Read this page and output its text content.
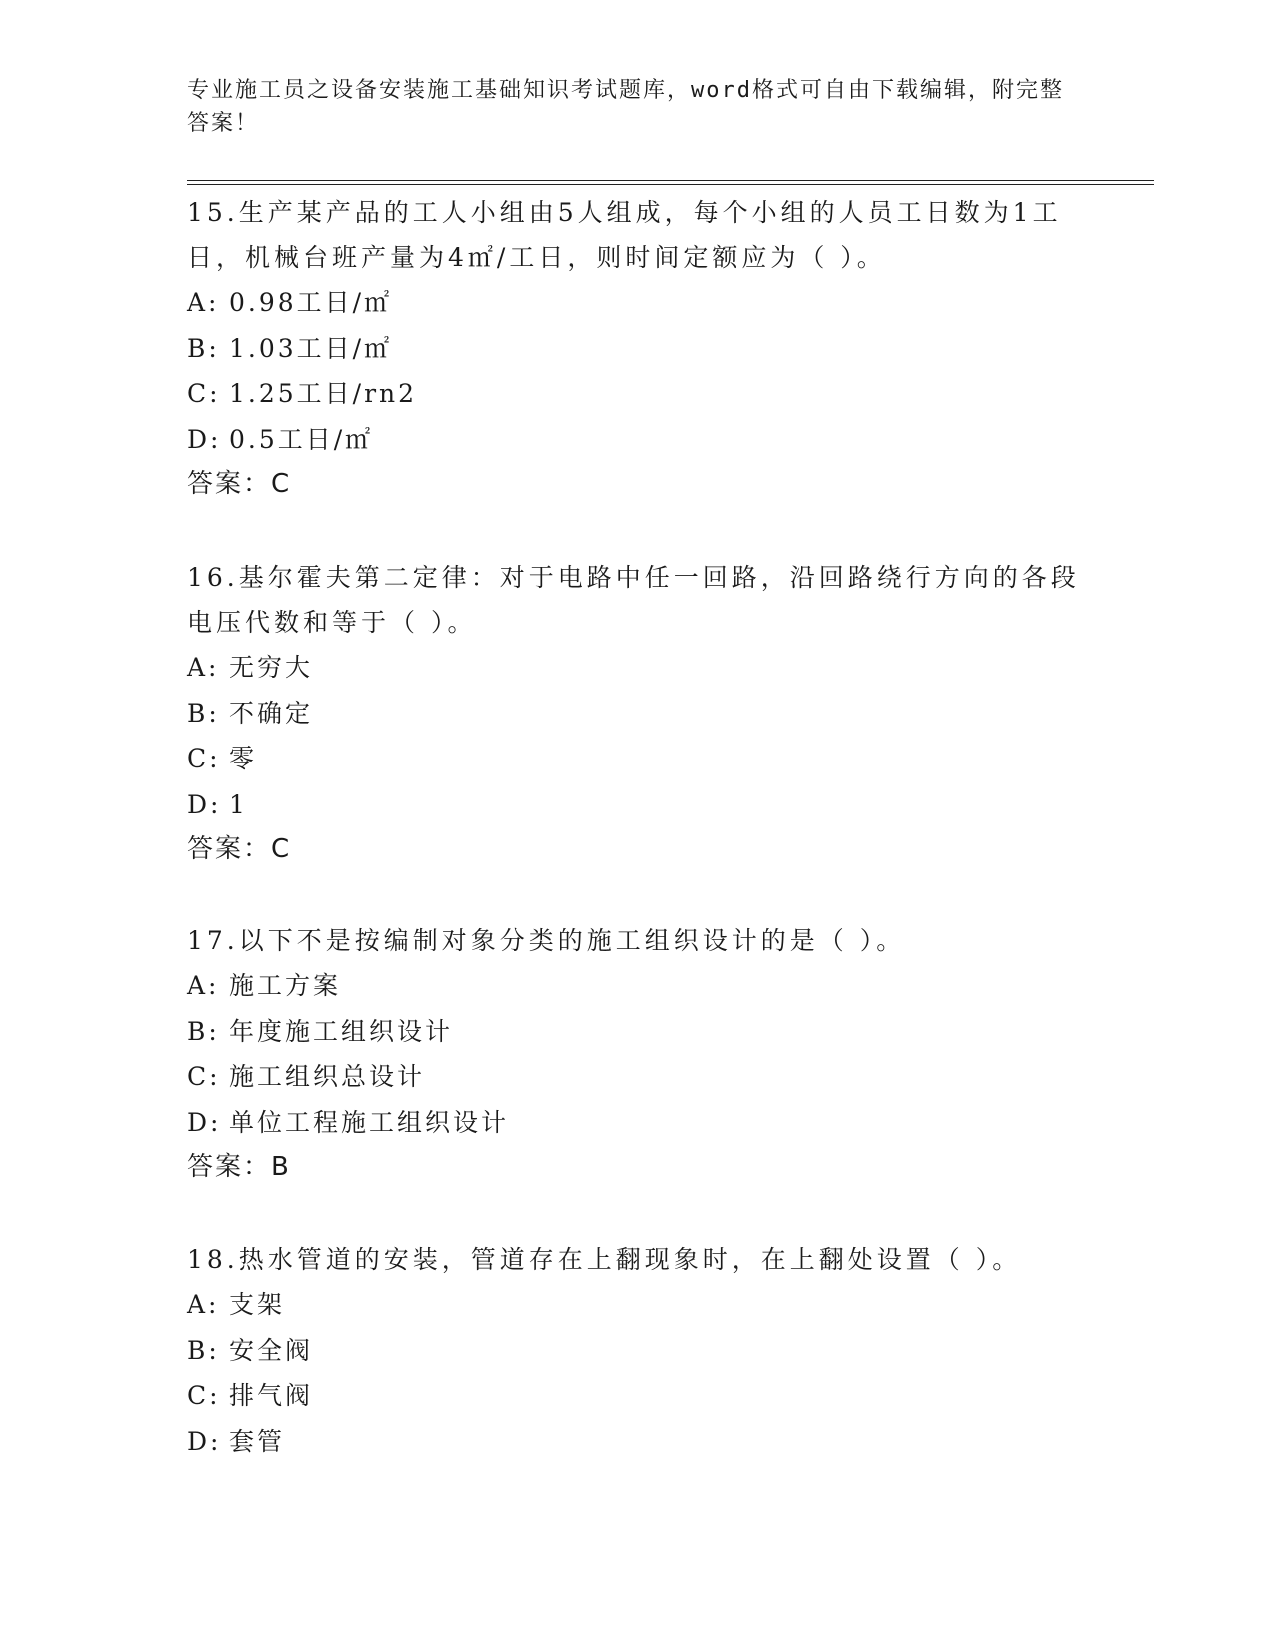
专业施工员之设备安装施工基础知识考试题库，word格式可自由下载编辑，附完整答案！

15.生产某产品的工人小组由5人组成，每个小组的人员工日数为1工日，机械台班产量为4㎡/工日，则时间定额应为（ ）。

A: 0.98工日/㎡

B: 1.03工日/㎡

C: 1.25工日/rn2

D: 0.5工日/㎡

答案：C

16.基尔霍夫第二定律：对于电路中任一回路，沿回路绕行方向的各段电压代数和等于（ ）。

A: 无穷大

B: 不确定

C: 零

D: 1

答案：C

17.以下不是按编制对象分类的施工组织设计的是（ ）。

A: 施工方案

B: 年度施工组织设计

C: 施工组织总设计

D: 单位工程施工组织设计

答案：B

18.热水管道的安装，管道存在上翻现象时，在上翻处设置（ ）。

A: 支架

B: 安全阀

C: 排气阀

D: 套管
